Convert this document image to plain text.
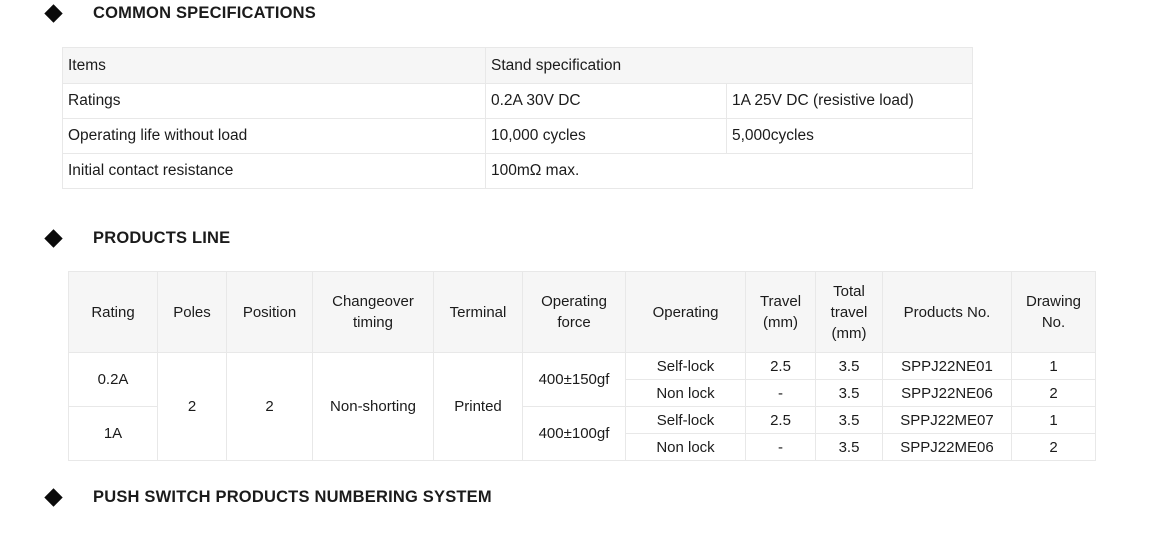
COMMON SPECIFICATIONS
Items	Stand specification	
Ratings	0.2A 30V DC	1A 25V DC (resistive load)
Operating life without load	10,000 cycles	5,000cycles
Initial contact resistance	100mΩ max.	
PRODUCTS LINE
Rating	Poles	Position	Changeover timing	Terminal	Operating force	Operating	Travel (mm)	Total travel (mm)	Products No.	Drawing No.
0.2A	2	2	Non-shorting	Printed	400±150gf	Self-lock	2.5	3.5	SPPJ22NE01	1
						Non lock	-	3.5	SPPJ22NE06	2
1A					400±100gf	Self-lock	2.5	3.5	SPPJ22ME07	1
						Non lock	-	3.5	SPPJ22ME06	2
PUSH SWITCH PRODUCTS NUMBERING SYSTEM
